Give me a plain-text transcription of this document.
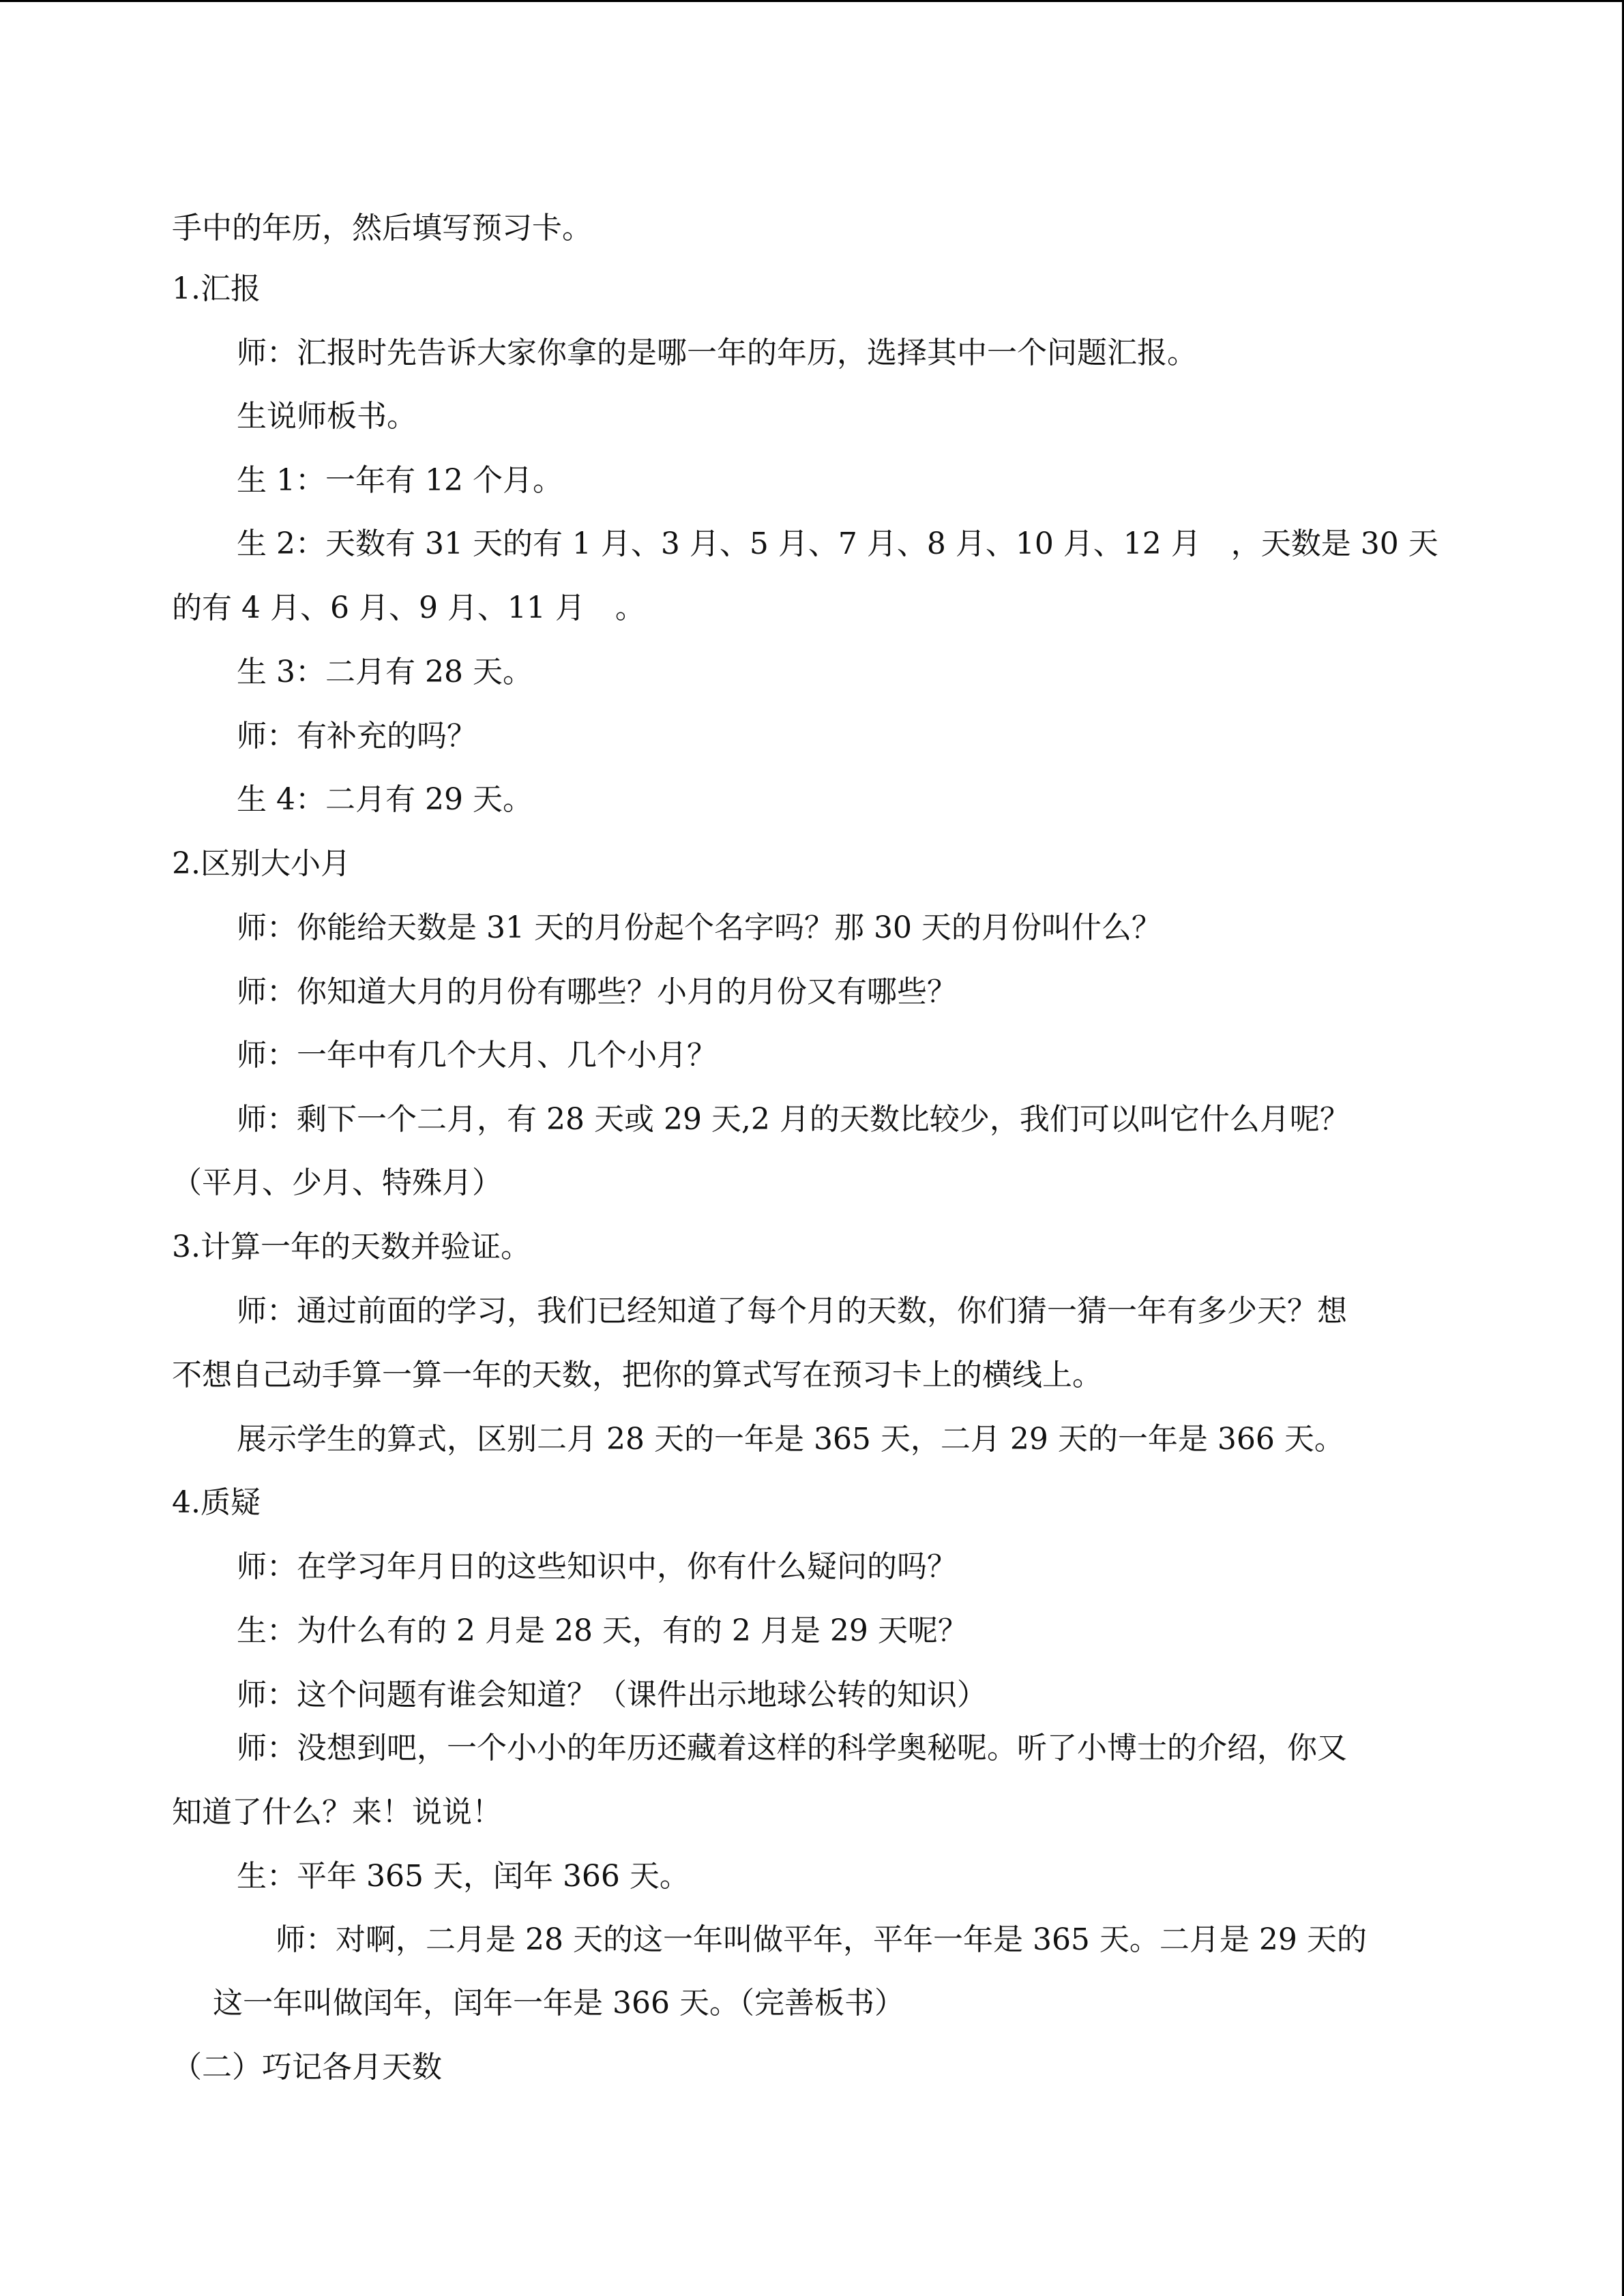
手中的年历，然后填写预习卡。
1.汇报
师：汇报时先告诉大家你拿的是哪一年的年历，选择其中一个问题汇报。
生说师板书。
生 1：一年有 12 个月。
生 2：天数有 31 天的有 1 月、3 月、5 月、7 月、8 月、10 月、12 月　，天数是 30 天
的有 4 月、6 月、9 月、11 月　。
生 3：二月有 28 天。
师：有补充的吗？
生 4：二月有 29 天。
2.区别大小月
师：你能给天数是 31 天的月份起个名字吗？那 30 天的月份叫什么？
师：你知道大月的月份有哪些？小月的月份又有哪些？
师：一年中有几个大月、几个小月？
师：剩下一个二月，有 28 天或 29 天,2 月的天数比较少，我们可以叫它什么月呢？
（平月、少月、特殊月）
3.计算一年的天数并验证。
师：通过前面的学习，我们已经知道了每个月的天数，你们猜一猜一年有多少天？想
不想自己动手算一算一年的天数，把你的算式写在预习卡上的横线上。
展示学生的算式，区别二月 28 天的一年是 365 天，二月 29 天的一年是 366 天。
4.质疑
师：在学习年月日的这些知识中，你有什么疑问的吗？
生：为什么有的 2 月是 28 天，有的 2 月是 29 天呢？
师：这个问题有谁会知道？（课件出示地球公转的知识）
师：没想到吧，一个小小的年历还藏着这样的科学奥秘呢。听了小博士的介绍，你又
知道了什么？来！说说！
生：平年 365 天，闰年 366 天。
师：对啊，二月是 28 天的这一年叫做平年，平年一年是 365 天。二月是 29 天的
这一年叫做闰年，闰年一年是 366 天。（完善板书）
（二）巧记各月天数
